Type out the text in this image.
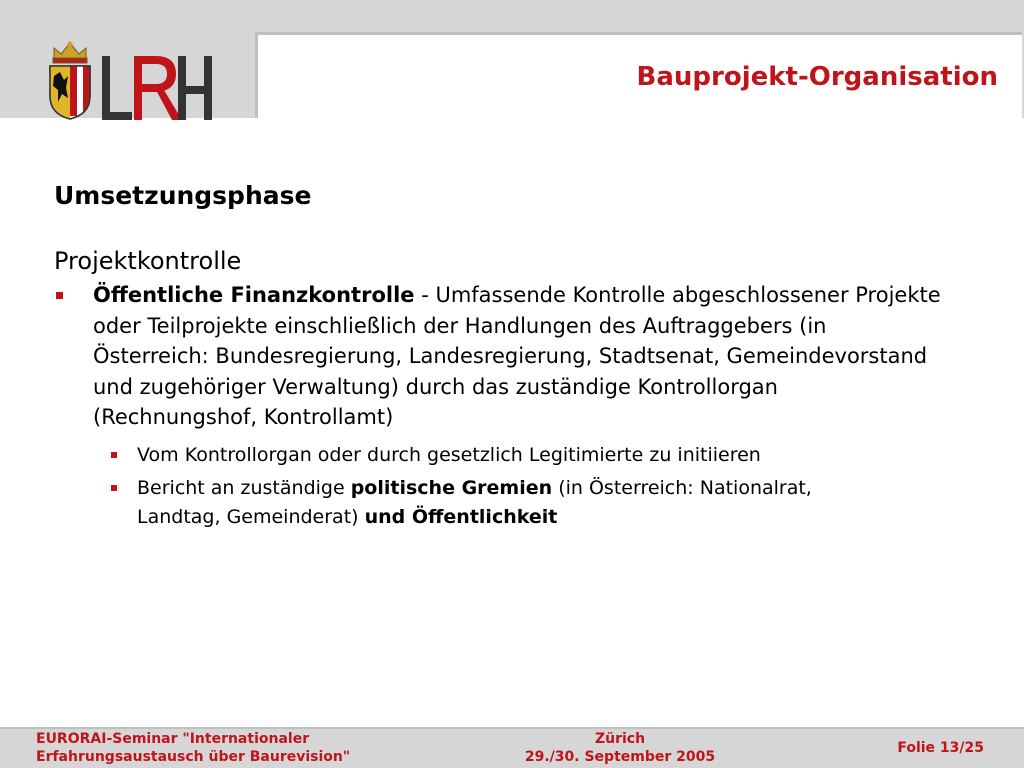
Bauprojekt-Organisation
Umsetzungsphase
Projektkontrolle
Öffentliche Finanzkontrolle - Umfassende Kontrolle abgeschlossener Projekte oder Teilprojekte einschließlich der Handlungen des Auftraggebers (in Österreich: Bundesregierung, Landesregierung, Stadtsenat, Gemeindevorstand und zugehöriger Verwaltung) durch das zuständige Kontrollorgan (Rechnungshof, Kontrollamt)
Vom Kontrollorgan oder durch gesetzlich Legitimierte zu initiieren
Bericht an zuständige politische Gremien (in Österreich: Nationalrat, Landtag, Gemeinderat) und Öffentlichkeit
EURORAI-Seminar "Internationaler
Erfahrungsaustausch über Baurevision"
Zürich
29./30. September 2005
Folie 13/25
